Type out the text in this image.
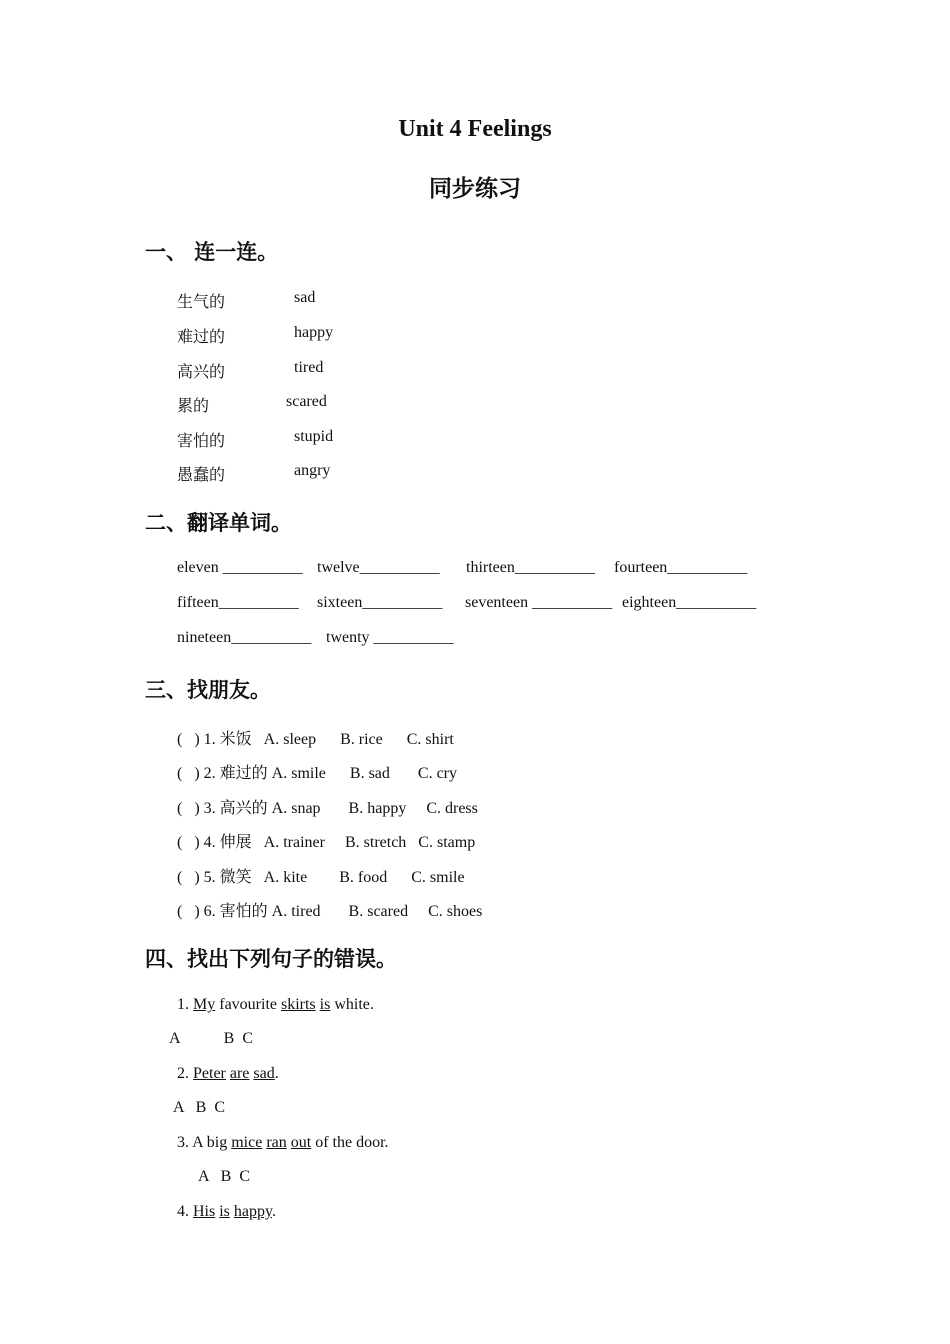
Unit 4 Feelings
同步练习
一、 连一连。
生气的
难过的
高兴的
累的
害怕的
愚蠢的
sad
happy
tired
scared
stupid
angry
二、翻译单词。
eleven __________ twelve__________ thirteen__________ fourteen__________
fifteen__________ sixteen__________ seventeen __________ eighteen__________
nineteen__________ twenty __________
三、找朋友。
(   ) 1. 米饭   A. sleep      B. rice      C. shirt
(   ) 2. 难过的 A. smile      B. sad       C. cry
(   ) 3. 高兴的 A. snap       B. happy     C. dress
(   ) 4. 伸展   A. trainer     B. stretch   C. stamp
(   ) 5. 微笑   A. kite        B. food      C. smile
(   ) 6. 害怕的 A. tired       B. scared     C. shoes
四、找出下列句子的错误。
1. My favourite skirts is white.
A           B  C
2. Peter are sad.
A   B  C
3. A big mice ran out of the door.
A   B  C
4. His is happy.
